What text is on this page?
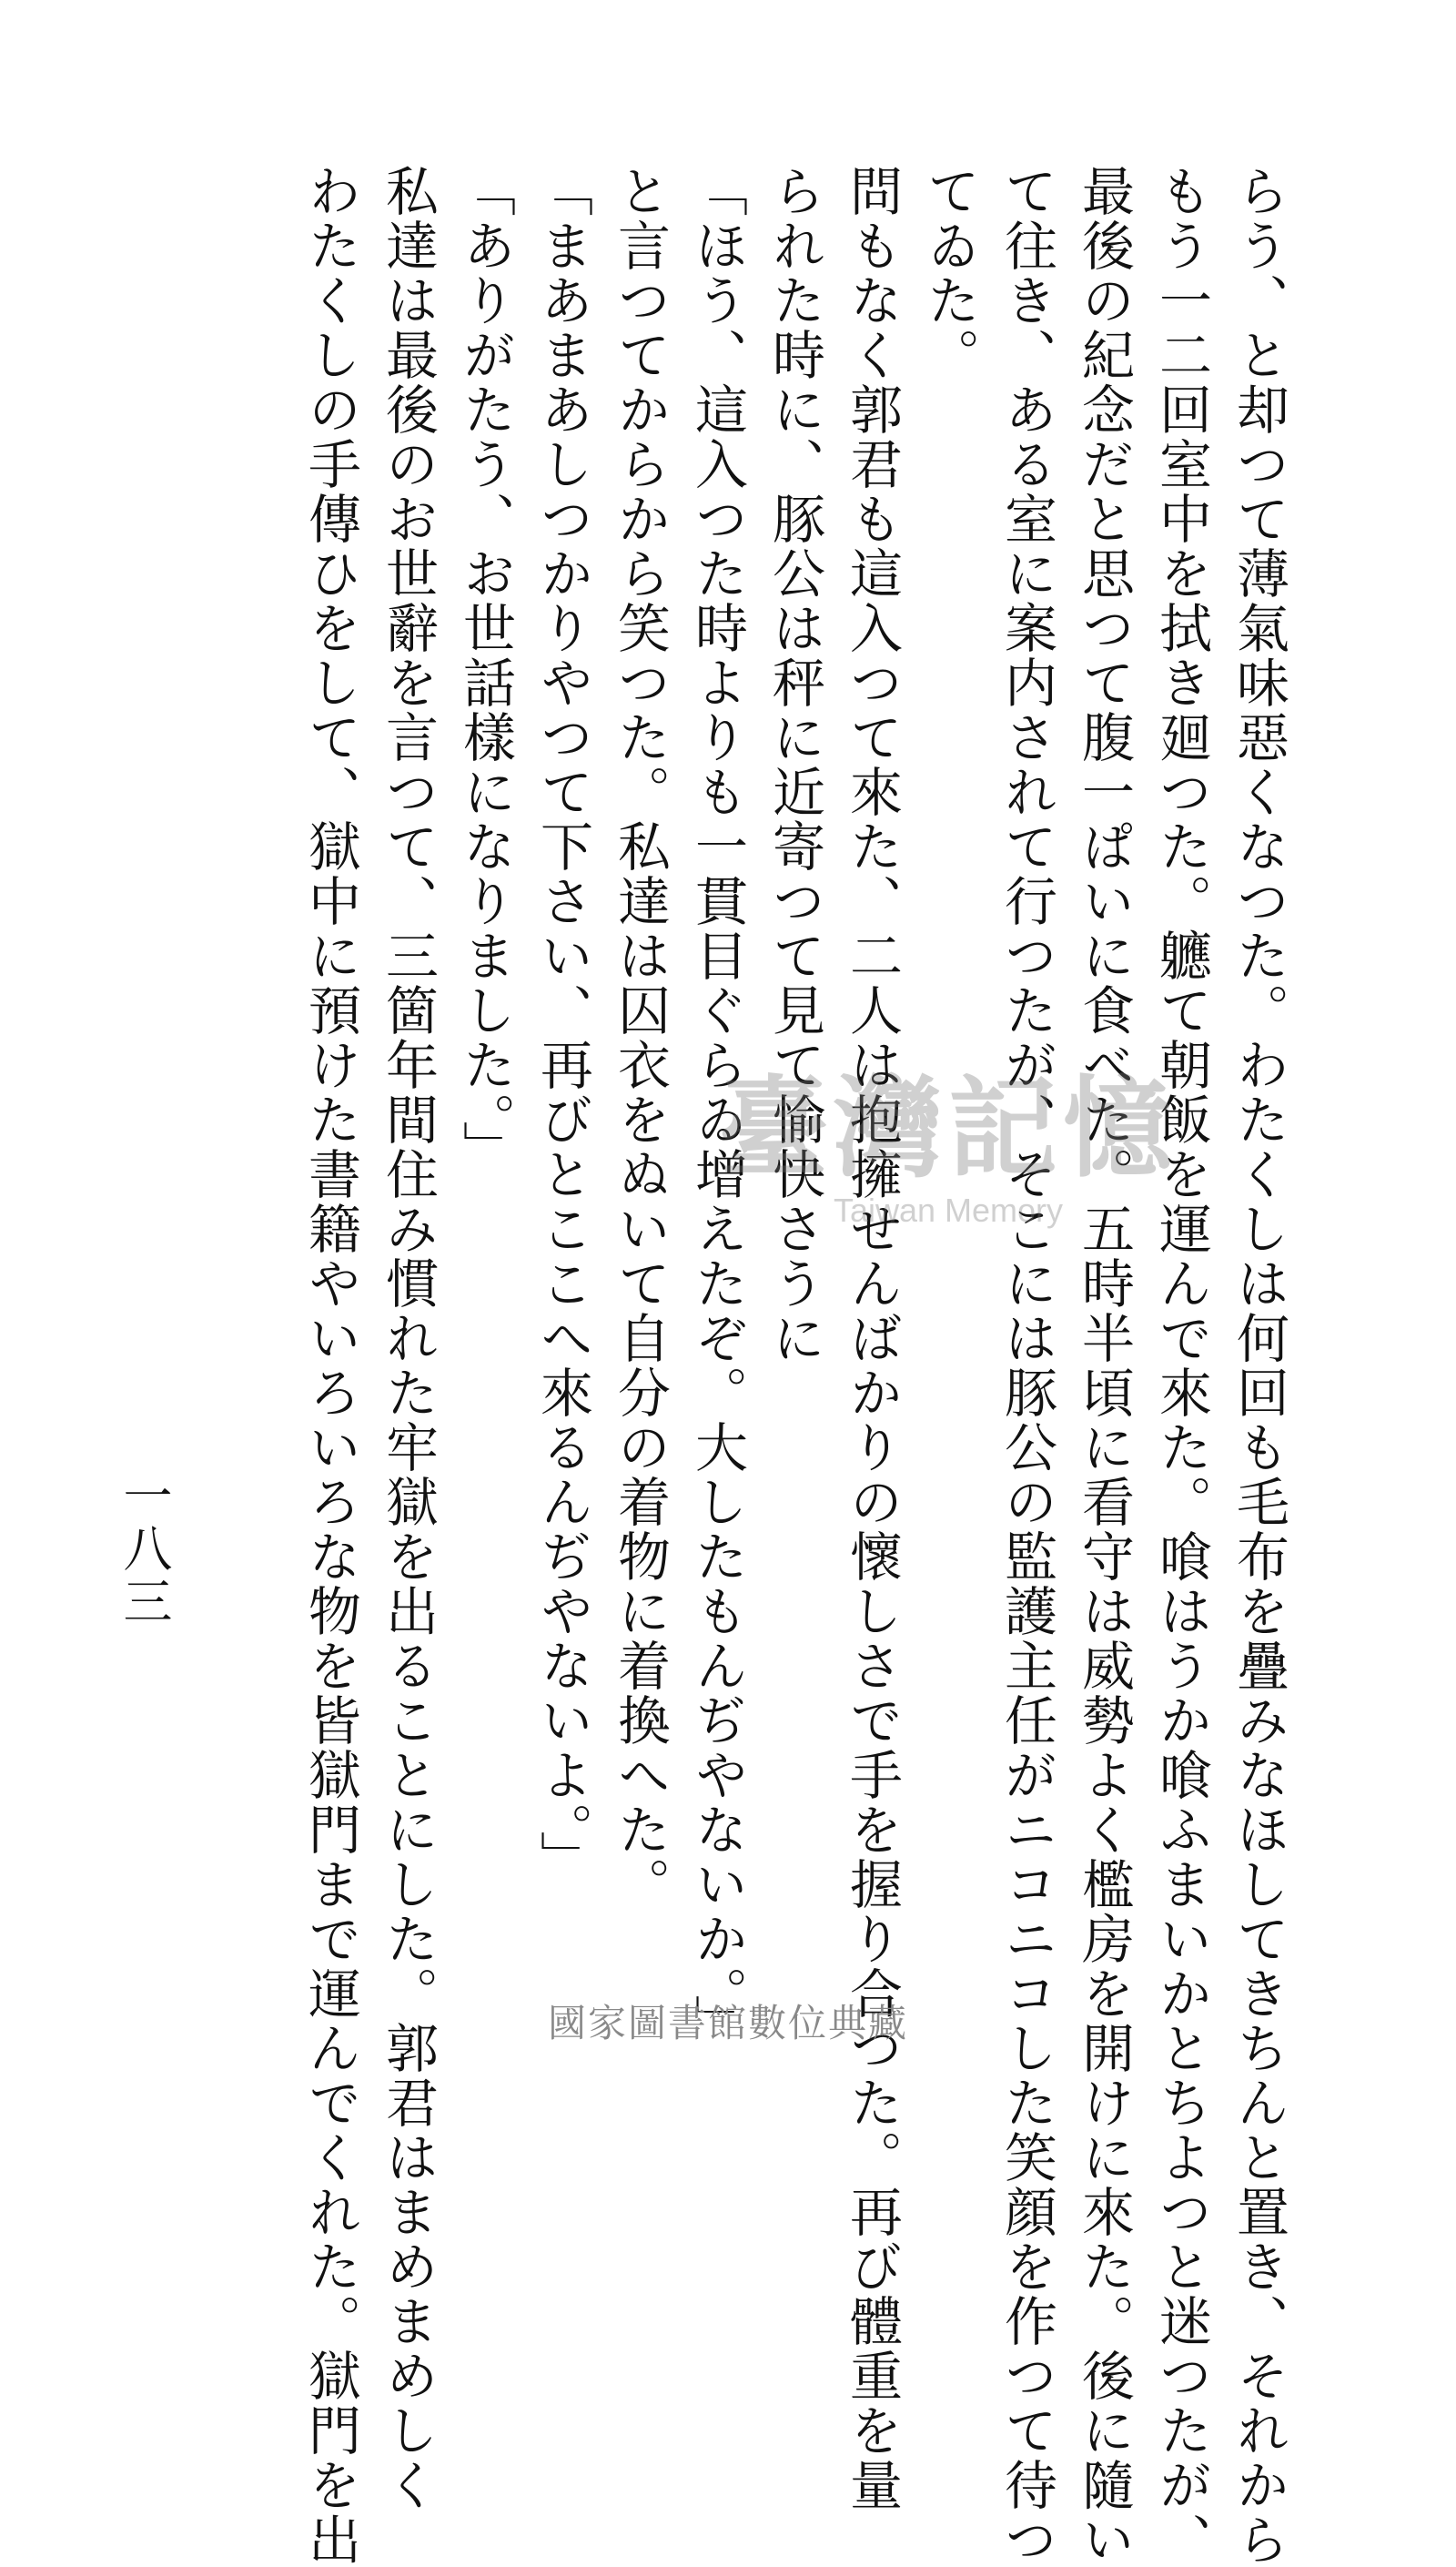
らう、と却つて薄氣味惡くなつた。わたくしは何回も毛布を疊みなほしてきちんと置き、それから
もう一二回室中を拭き廻つた。軈て朝飯を運んで來た。喰はうか喰ふまいかとちよつと迷つたが、
最後の紀念だと思つて腹一ぱいに食べた。五時半頃に看守は威勢よく檻房を開けに來た。後に隨い
て往き、ある室に案内されて行つたが、そこには豚公の監護主任がニコニコした笑顔を作つて待つ
てゐた。
問もなく郭君も這入つて來た、二人は抱擁せんばかりの懷しさで手を握り合つた。再び體重を量
られた時に、豚公は秤に近寄つて見て愉快さうに
「ほう、這入つた時よりも一貫目ぐらゐ增えたぞ。大したもんぢやないか。」
と言つてからから笑つた。私達は囚衣をぬいて自分の着物に着換へた。
「まあまあしつかりやつて下さい、再びとここへ來るんぢやないよ。」
「ありがたう、お世話樣になりました。」
私達は最後のお世辭を言つて、三箇年間住み慣れた牢獄を出ることにした。郭君はまめまめしく
わたくしの手傳ひをして、獄中に預けた書籍やいろいろな物を皆獄門まで運んでくれた。獄門を出
一八三
臺灣記憶
Taiwan Memory
國家圖書館數位典藏
